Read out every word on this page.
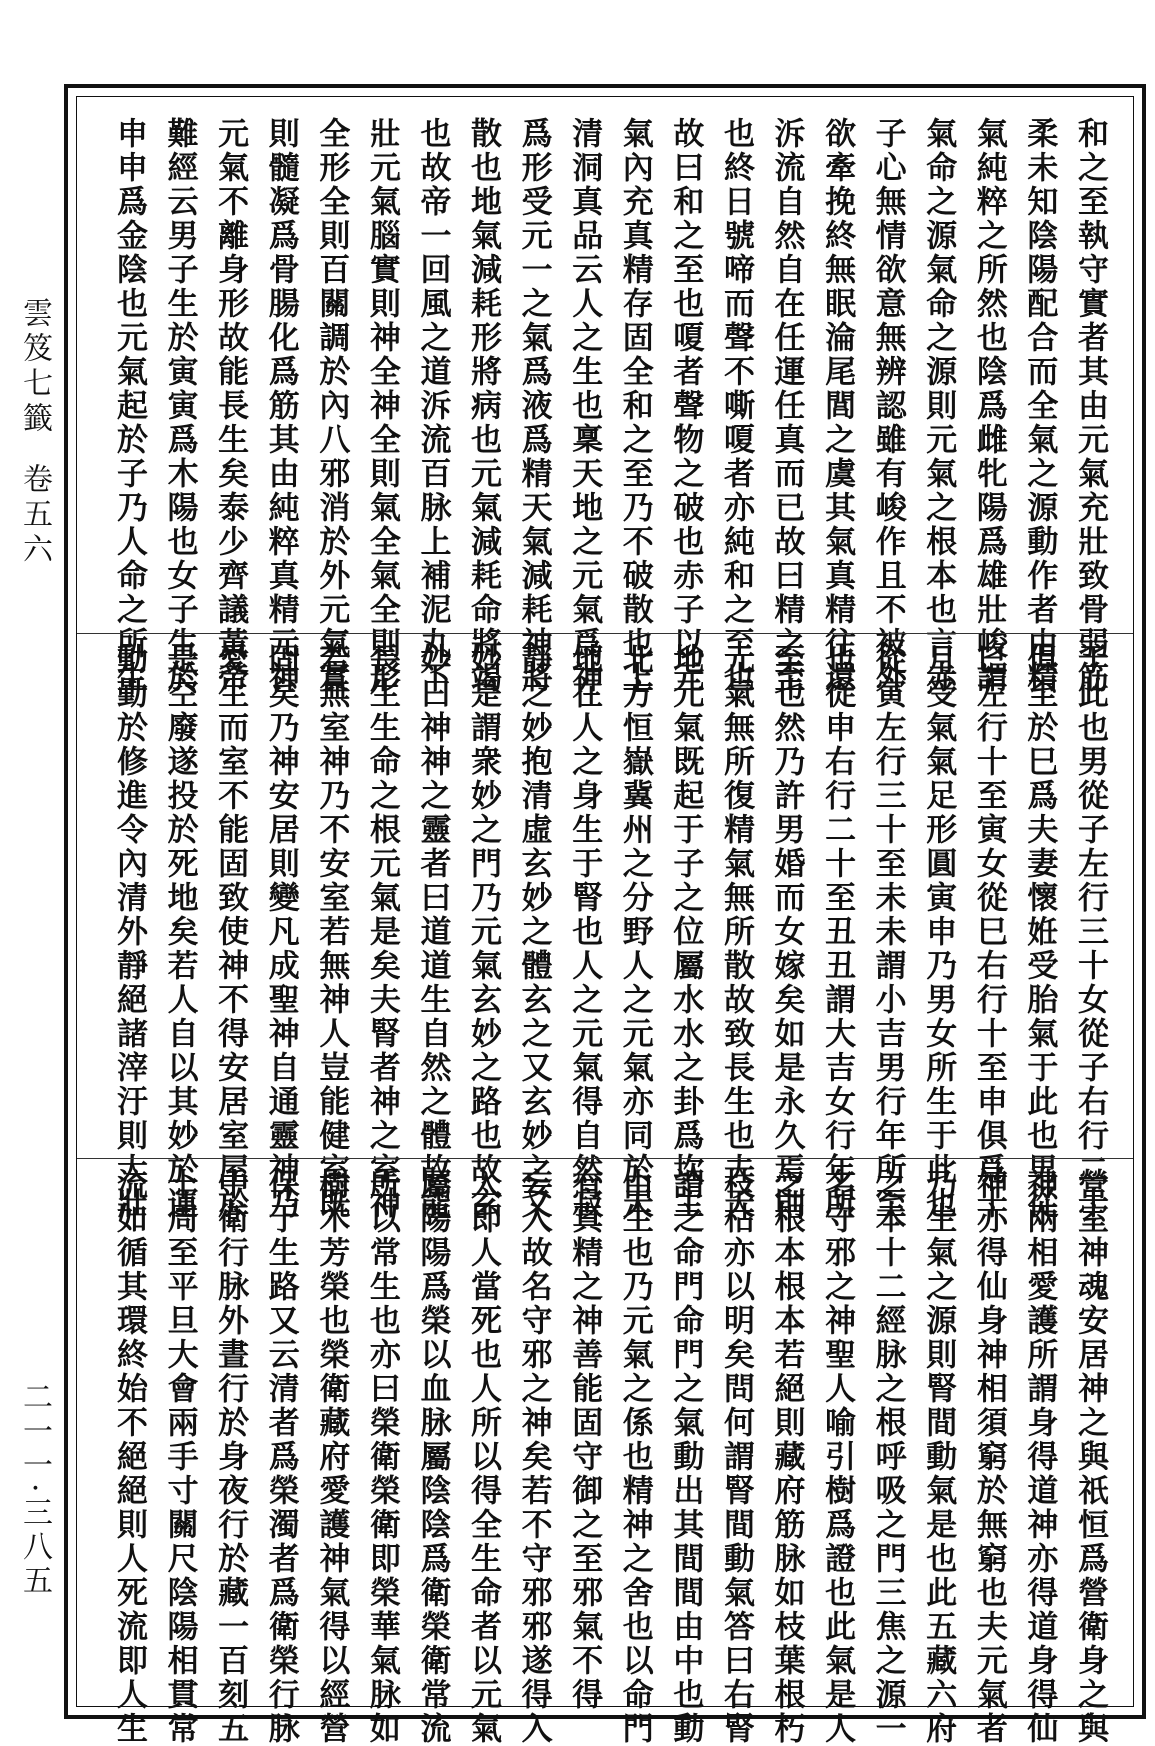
雲笈七籤
卷五六
二一一·三八五
和之至執守實者其由元氣充壯致骨弱筋
柔未知陰陽配合而全氣之源動作者由精
氣純粹之所然也陰爲雌牝陽爲雄壯峻謂
氣命之源氣命之源則元氣之根本也言赤
子心無情欲意無辨認雖有峻作且不被外
欲牽挽終無眠淪尾閭之虞其氣真精往還
泝流自然自在任運任真而已故曰精之至
也終日號啼而聲不嘶嗄者亦純和之至也
故曰和之至也嗄者聲物之破也赤子以元
氣內充真精存固全和之至乃不破散也上
清洞真品云人之生也稟天地之元氣爲神
爲形受元一之氣爲液爲精天氣減耗神將
散也地氣減耗形將病也元氣減耗命將竭
也故帝一回風之道泝流百脉上補泥丸下
壯元氣腦實則神全神全則氣全氣全則形
全形全則百關調於內八邪消於外元氣實
則髓凝爲骨腸化爲筋其由純粹真精元神
元氣不離身形故能長生矣泰少齊議黃帝
難經云男子生於寅寅爲木陽也女子生於
申申爲金陰也元氣起於子乃人命之所生
于此也男從子左行三十女從子右行二十
俱至於巳爲夫妻懷姙受胎氣于此也男從
巳左行十至寅女從巳右行十至申俱爲十
月受氣氣足形圓寅申乃男女所生于此也
從寅左行三十至未未謂小吉男行年所至
也從申右行二十至丑丑謂大吉女行年所
至也然乃許男婚而女嫁矣如是永久焉則
元氣無所復精氣無所散故致長生也夫天
地元氣既起于子之位屬水水之卦爲坎主
北方恒嶽冀州之分野人之元氣亦同於天
地在人之身生于腎也人之元氣得自然寂
靜之妙抱清虛玄妙之體玄之又玄妙之又
妙是謂衆妙之門乃元氣玄妙之路也故玄
妙曰神神之靈者曰道道生自然之體故能
長生生命之根元氣是矣夫腎者神之室神
若無室神乃不安室若無神人豈能健室既
固矣乃神安居則變凡成聖神自通靈神乃
愛生而室不能固致使神不得安居室屋於
是空廢遂投於死地矣若人自以其妙於運
動勤於修進令內清外靜絕諸滓汙則大壯
營室神魂安居神之與祇恒爲營衛身之與
神兩相愛護所謂身得道神亦得道身得仙
神亦得仙身神相須窮於無窮也夫元氣者
乃生氣之源則腎間動氣是也此五藏六府
之本十二經脉之根呼吸之門三焦之源一
名守邪之神聖人喻引樹爲證也此氣是人
之根本根本若絕則藏府筋脉如枝葉根朽
枝枯亦以明矣問何謂腎間動氣答曰右腎
謂之命門命門之氣動出其間間由中也動
由生也乃元氣之係也精神之舍也以命門
有真精之神善能固守御之至邪氣不得
妄入故名守邪之神矣若不守邪邪遂得入
入即人當死也人所以得全生命者以元氣
屬陽陽爲榮以血脉屬陰陰爲衛榮衛常流
所以常生也亦曰榮衛榮衛即榮華氣脉如
樹木芳榮也榮衛藏府愛護神氣得以經營
保于生路又云清者爲榮濁者爲衛榮行脉
中衛行脉外晝行於身夜行於藏一百刻五
十周至平旦大會兩手寸關尺陰陽相貫常
流如循其環終始不絕絕則人死流即人生
